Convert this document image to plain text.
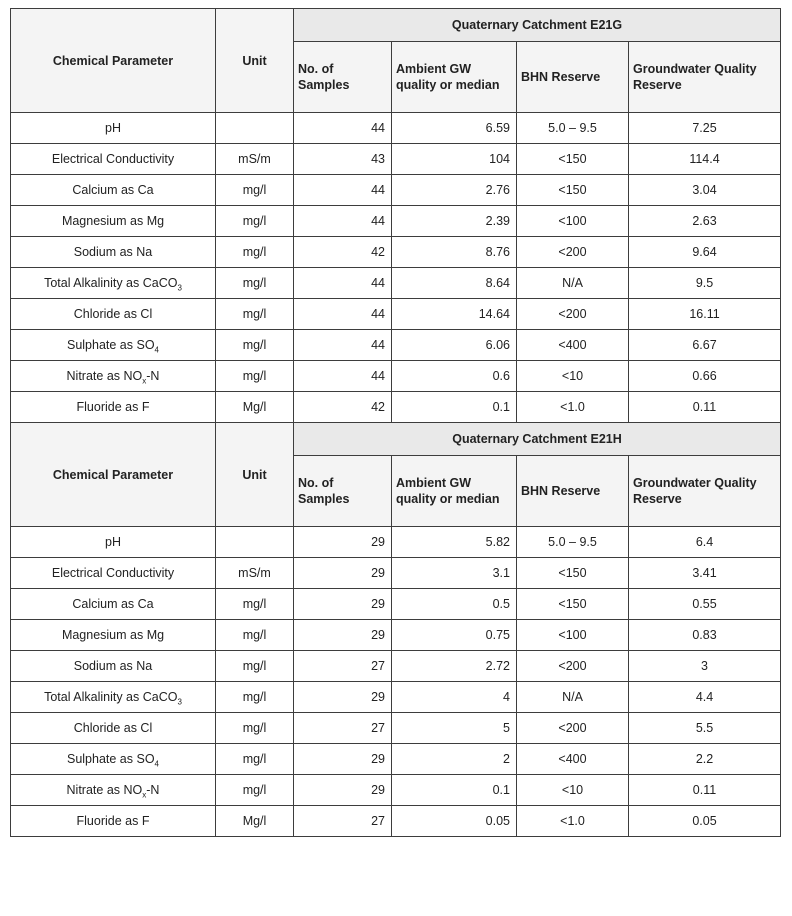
Chemical Parameter	Unit	Quaternary Catchment E21G			
		No. of Samples	Ambient GW quality or median	BHN Reserve	Groundwater Quality Reserve
pH		44	6.59	5.0 – 9.5	7.25
Electrical Conductivity	mS/m	43	104	<150	114.4
Calcium as Ca	mg/l	44	2.76	<150	3.04
Magnesium as Mg	mg/l	44	2.39	<100	2.63
Sodium as Na	mg/l	42	8.76	<200	9.64
Total Alkalinity as CaCO$_3$	mg/l	44	8.64	N/A	9.5
Chloride as Cl	mg/l	44	14.64	<200	16.11
Sulphate as $SO_4$	mg/l	44	6.06	<400	6.67
Nitrate as $NO_x-N$	mg/l	44	0.6	<10	0.66
Fluoride as F	Mg/l	42	0.1	<1.0	0.11
Chemical Parameter	Unit	Quaternary Catchment E21H			
		No. of Samples	Ambient GW quality or median	BHN Reserve	Groundwater Quality Reserve
pH		29	5.82	5.0 – 9.5	6.4
Electrical Conductivity	mS/m	29	3.1	<150	3.41
Calcium as Ca	mg/l	29	0.5	<150	0.55
Magnesium as Mg	mg/l	29	0.75	<100	0.83
Sodium as Na	mg/l	27	2.72	<200	3
Total Alkalinity as CaCO$_3$	mg/l	29	4	N/A	4.4
Chloride as Cl	mg/l	27	5	<200	5.5
Sulphate as $SO_4$	mg/l	29	2	<400	2.2
Nitrate as $NO_x-N$	mg/l	29	0.1	<10	0.11
Fluoride as F	Mg/l	27	0.05	<1.0	0.05
